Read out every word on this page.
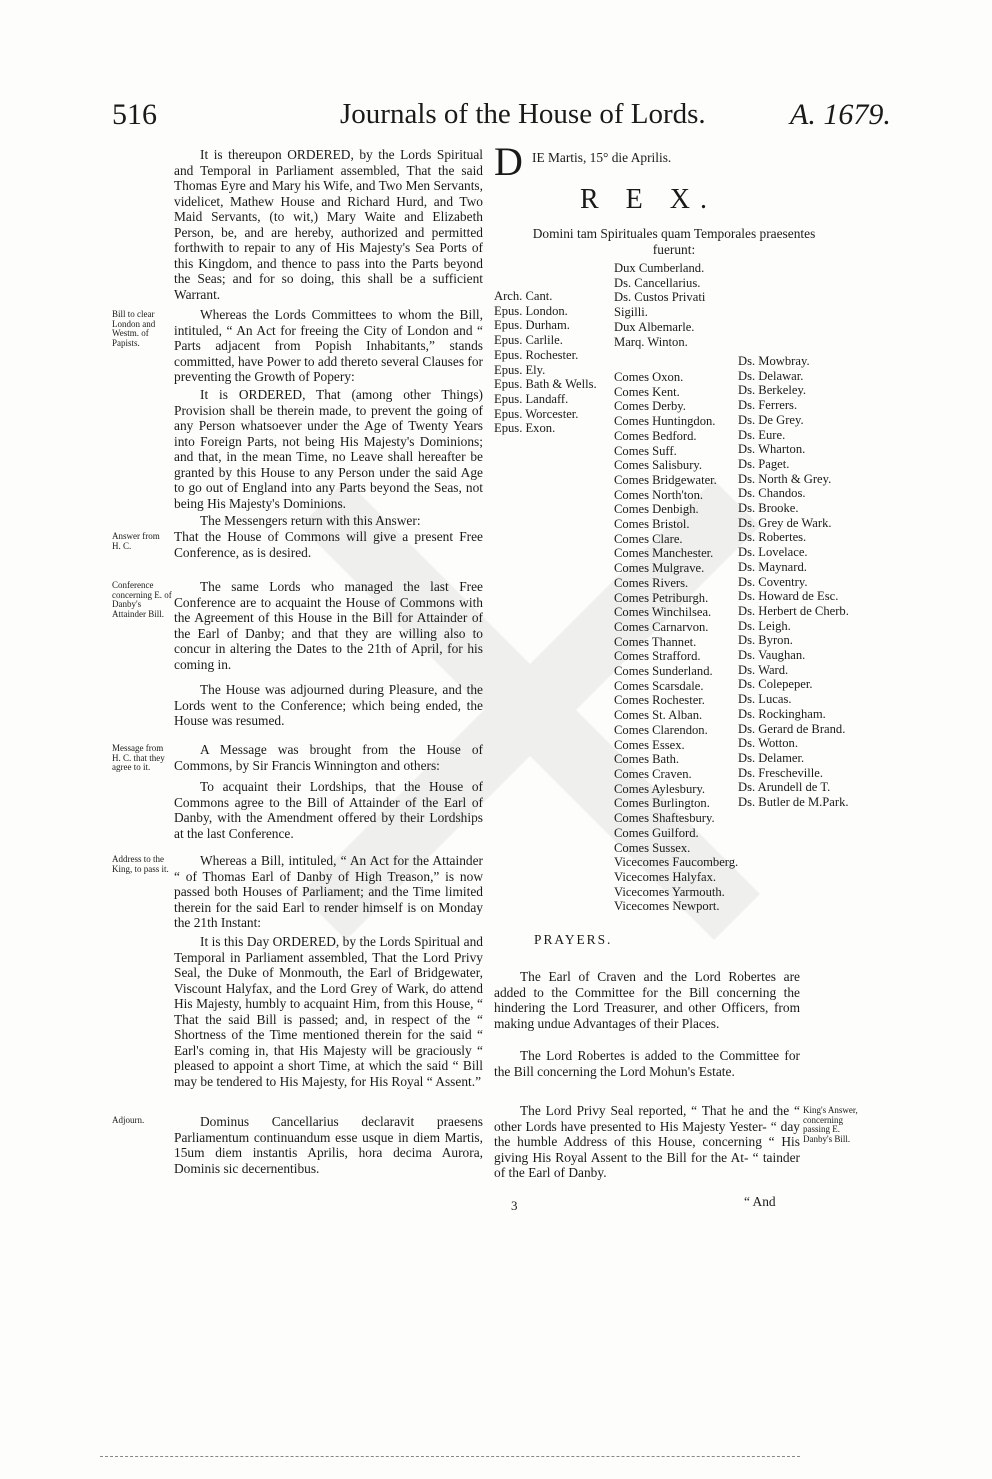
516	Journals of the House of Lords.	A. 1679.
It is thereupon ORDERED, by the Lords Spiritual and Temporal in Parliament assembled, That the said Thomas Eyre and Mary his Wife, and Two Men Servants, videlicet, Mathew House and Richard Hurd, and Two Maid Servants, (to wit,) Mary Waite and Elizabeth Person, be, and are hereby, authorized and permitted forthwith to repair to any of His Majesty's Sea Ports of this Kingdom, and thence to pass into the Parts beyond the Seas; and for so doing, this shall be a sufficient Warrant.
Bill to clear London and Westm. of Papists.
Whereas the Lords Committees to whom the Bill, intituled, “ An Act for freeing the City of London and “ Parts adjacent from Popish Inhabitants,” stands committed, have Power to add thereto several Clauses for preventing the Growth of Popery:
It is ORDERED, That (among other Things) Provision shall be therein made, to prevent the going of any Person whatsoever under the Age of Twenty Years into Foreign Parts, not being His Majesty's Dominions; and that, in the mean Time, no Leave shall hereafter be granted by this House to any Person under the said Age to go out of England into any Parts beyond the Seas, not being His Majesty's Dominions.
The Messengers return with this Answer:
Answer from H. C.
That the House of Commons will give a present Free Conference, as is desired.
Conference concerning E. of Danby's Attainder Bill.
The same Lords who managed the last Free Conference are to acquaint the House of Commons with the Agreement of this House in the Bill for Attainder of the Earl of Danby; and that they are willing also to concur in altering the Dates to the 21th of April, for his coming in.
The House was adjourned during Pleasure, and the Lords went to the Conference; which being ended, the House was resumed.
Message from H. C. that they agree to it.
A Message was brought from the House of Commons, by Sir Francis Winnington and others:
To acquaint their Lordships, that the House of Commons agree to the Bill of Attainder of the Earl of Danby, with the Amendment offered by their Lordships at the last Conference.
Address to the King, to pass it.
Whereas a Bill, intituled, “ An Act for the Attainder “ of Thomas Earl of Danby of High Treason,” is now passed both Houses of Parliament; and the Time limited therein for the said Earl to render himself is on Monday the 21th Instant:
It is this Day ORDERED, by the Lords Spiritual and Temporal in Parliament assembled, That the Lord Privy Seal, the Duke of Monmouth, the Earl of Bridgewater, Viscount Halyfax, and the Lord Grey of Wark, do attend His Majesty, humbly to acquaint Him, from this House, “ That the said Bill is passed; and, in respect of the “ Shortness of the Time mentioned therein for the said “ Earl's coming in, that His Majesty will be graciously “ pleased to appoint a short Time, at which the said “ Bill may be tendered to His Majesty, for His Royal “ Assent.”
Adjourn.	Dominus Cancellarius declaravit praesens Parliamentum continuandum esse usque in diem Martis, 15um diem instantis Aprilis, hora decima Aurora, Dominis sic decernentibus.
D IE Martis, 15° die Aprilis.
R E X.
Domini tam Spirituales quam Temporales praesentes fuerunt:
Arch. Cant.
Epus. London.
Epus. Durham.
Epus. Carlile.
Epus. Rochester.
Epus. Ely.
Epus. Bath & Wells.
Epus. Landaff.
Epus. Worcester.
Epus. Exon.
Dux Cumberland.
Ds. Cancellarius.
Ds. Custos Privati
Sigilli.
Dux Albemarle.
Marq. Winton.
Comes Oxon.
Comes Kent.
Comes Derby.
Comes Huntingdon.
Comes Bedford.
Comes Suff.
Comes Salisbury.
Comes Bridgewater.
Comes North'ton.
Comes Denbigh.
Comes Bristol.
Comes Clare.
Comes Manchester.
Comes Mulgrave.
Comes Rivers.
Comes Petriburgh.
Comes Winchilsea.
Comes Carnarvon.
Comes Thannet.
Comes Strafford.
Comes Sunderland.
Comes Scarsdale.
Comes Rochester.
Comes St. Alban.
Comes Clarendon.
Comes Essex.
Comes Bath.
Comes Craven.
Comes Aylesbury.
Comes Burlington.
Comes Shaftesbury.
Comes Guilford.
Comes Sussex.
Vicecomes Faucomberg.
Vicecomes Halyfax.
Vicecomes Yarmouth.
Vicecomes Newport.
Ds. Mowbray.
Ds. Delawar.
Ds. Berkeley.
Ds. Ferrers.
Ds. De Grey.
Ds. Eure.
Ds. Wharton.
Ds. Paget.
Ds. North & Grey.
Ds. Chandos.
Ds. Brooke.
Ds. Grey de Wark.
Ds. Robertes.
Ds. Lovelace.
Ds. Maynard.
Ds. Coventry.
Ds. Howard de Esc.
Ds. Herbert de Cherb.
Ds. Leigh.
Ds. Byron.
Ds. Vaughan.
Ds. Ward.
Ds. Colepeper.
Ds. Lucas.
Ds. Rockingham.
Ds. Gerard de Brand.
Ds. Wotton.
Ds. Delamer.
Ds. Frescheville.
Ds. Arundell de T.
Ds. Butler de M.Park.
PRAYERS.
The Earl of Craven and the Lord Robertes are added to the Committee for the Bill concerning the hindering the Lord Treasurer, and other Officers, from making undue Advantages of their Places.
The Lord Robertes is added to the Committee for the Bill concerning the Lord Mohun's Estate.
The Lord Privy Seal reported, “ That he and the “ other Lords have presented to His Majesty Yester- “ day the humble Address of this House, concerning “ His giving His Royal Assent to the Bill for the At- “ tainder of the Earl of Danby.
King's Answer, concerning passing E. Danby's Bill.
3	“ And
